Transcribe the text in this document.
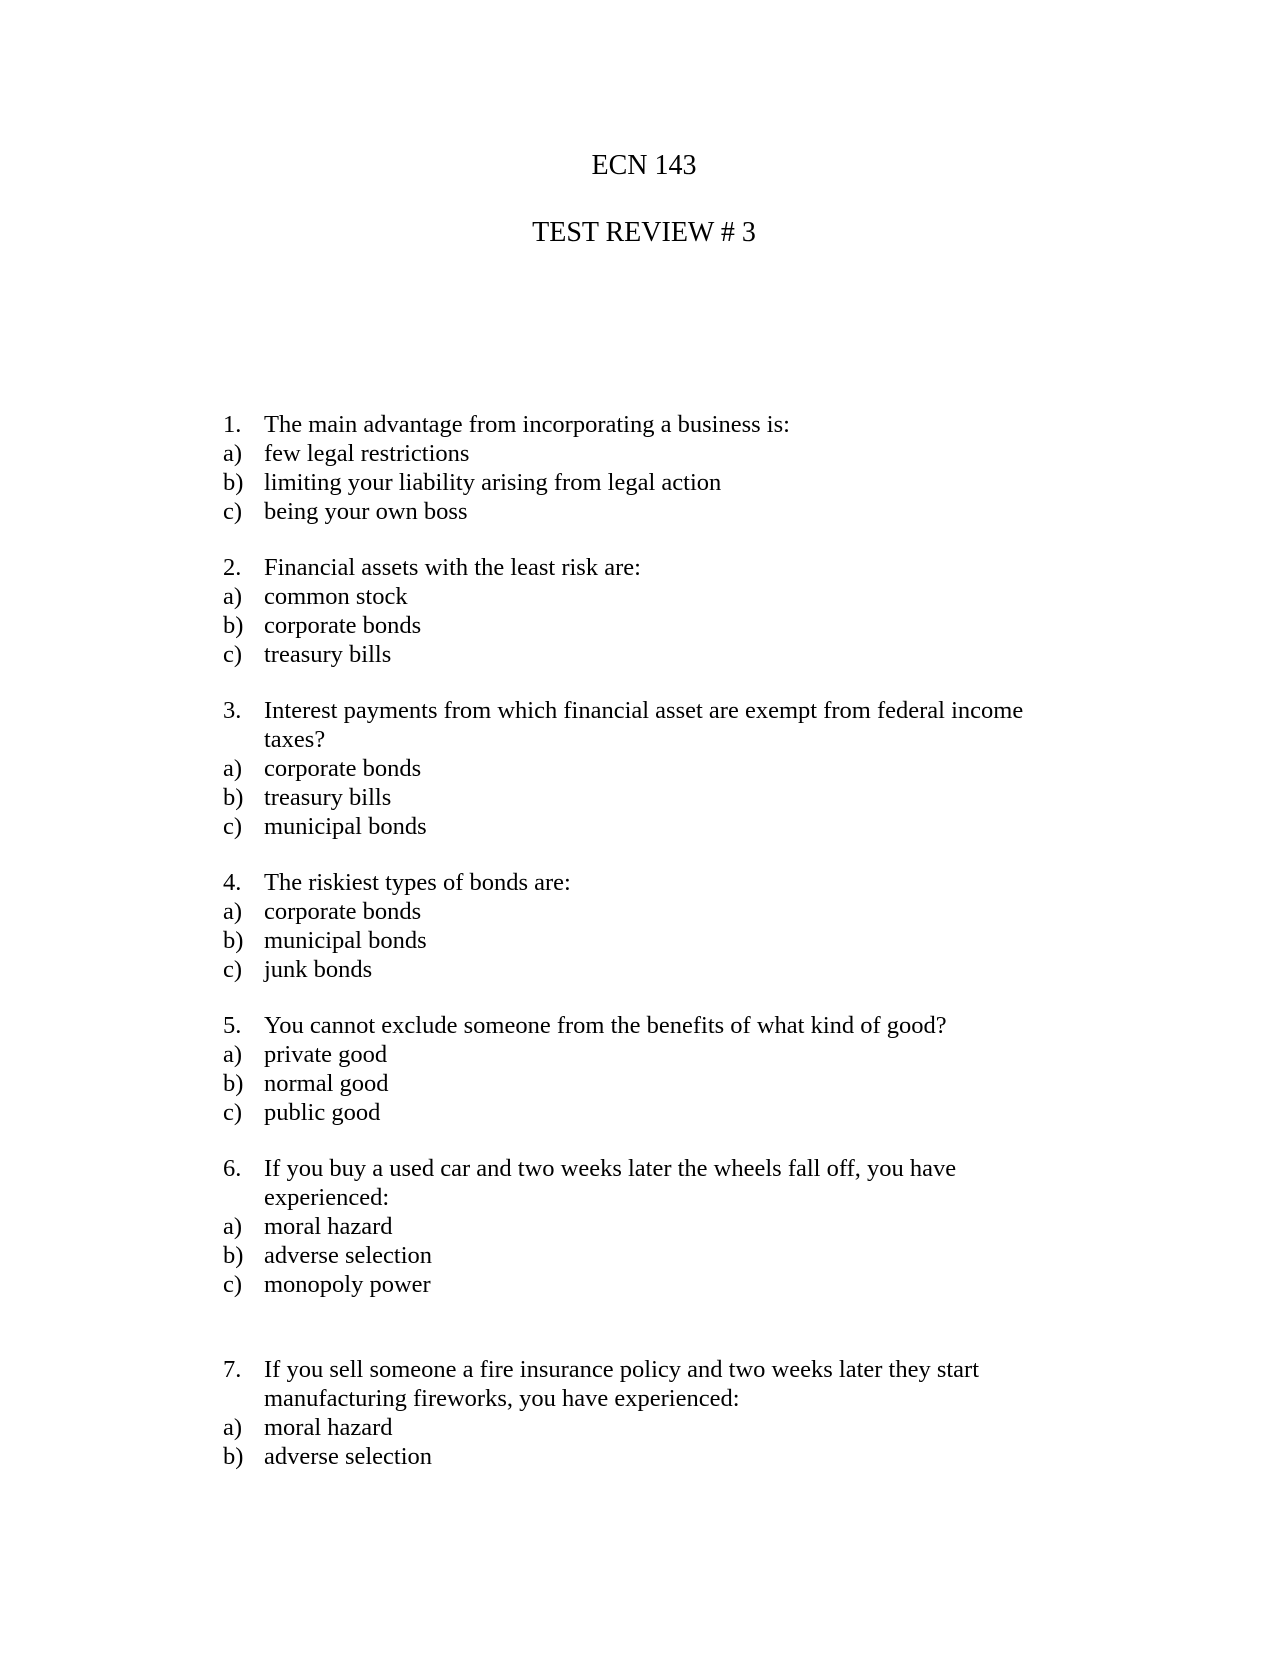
ECN 143
TEST REVIEW # 3
1. The main advantage from incorporating a business is:
a) few legal restrictions
b) limiting your liability arising from legal action
c) being your own boss
2. Financial assets with the least risk are:
a) common stock
b) corporate bonds
c) treasury bills
3. Interest payments from which financial asset are exempt from federal income taxes?
a) corporate bonds
b) treasury bills
c) municipal bonds
4. The riskiest types of bonds are:
a) corporate bonds
b) municipal bonds
c) junk bonds
5. You cannot exclude someone from the benefits of what kind of good?
a) private good
b) normal good
c) public good
6. If you buy a used car and two weeks later the wheels fall off, you have experienced:
a) moral hazard
b) adverse selection
c) monopoly power
7. If you sell someone a fire insurance policy and two weeks later they start manufacturing fireworks, you have experienced:
a) moral hazard
b) adverse selection
